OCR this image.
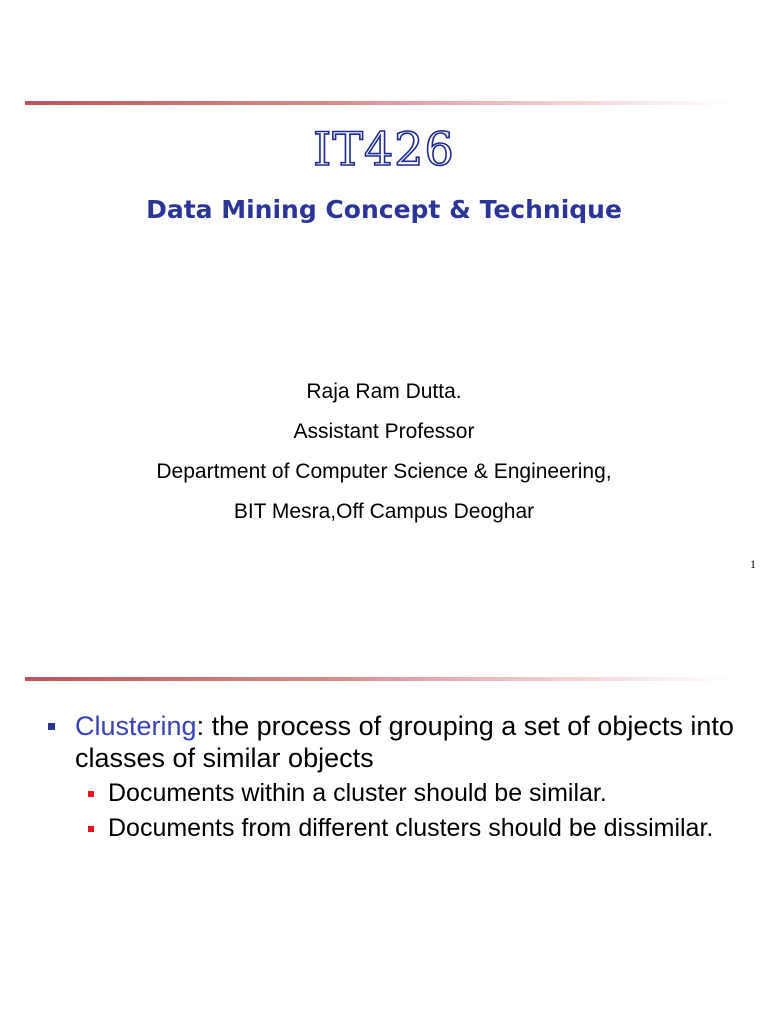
IT426
Data Mining Concept & Technique
Raja Ram Dutta.
Assistant Professor
Department of Computer Science & Engineering,
BIT Mesra,Off Campus Deoghar
1
Clustering: the process of grouping a set of objects into classes of similar objects
Documents within a cluster should be similar.
Documents from different clusters should be dissimilar.
